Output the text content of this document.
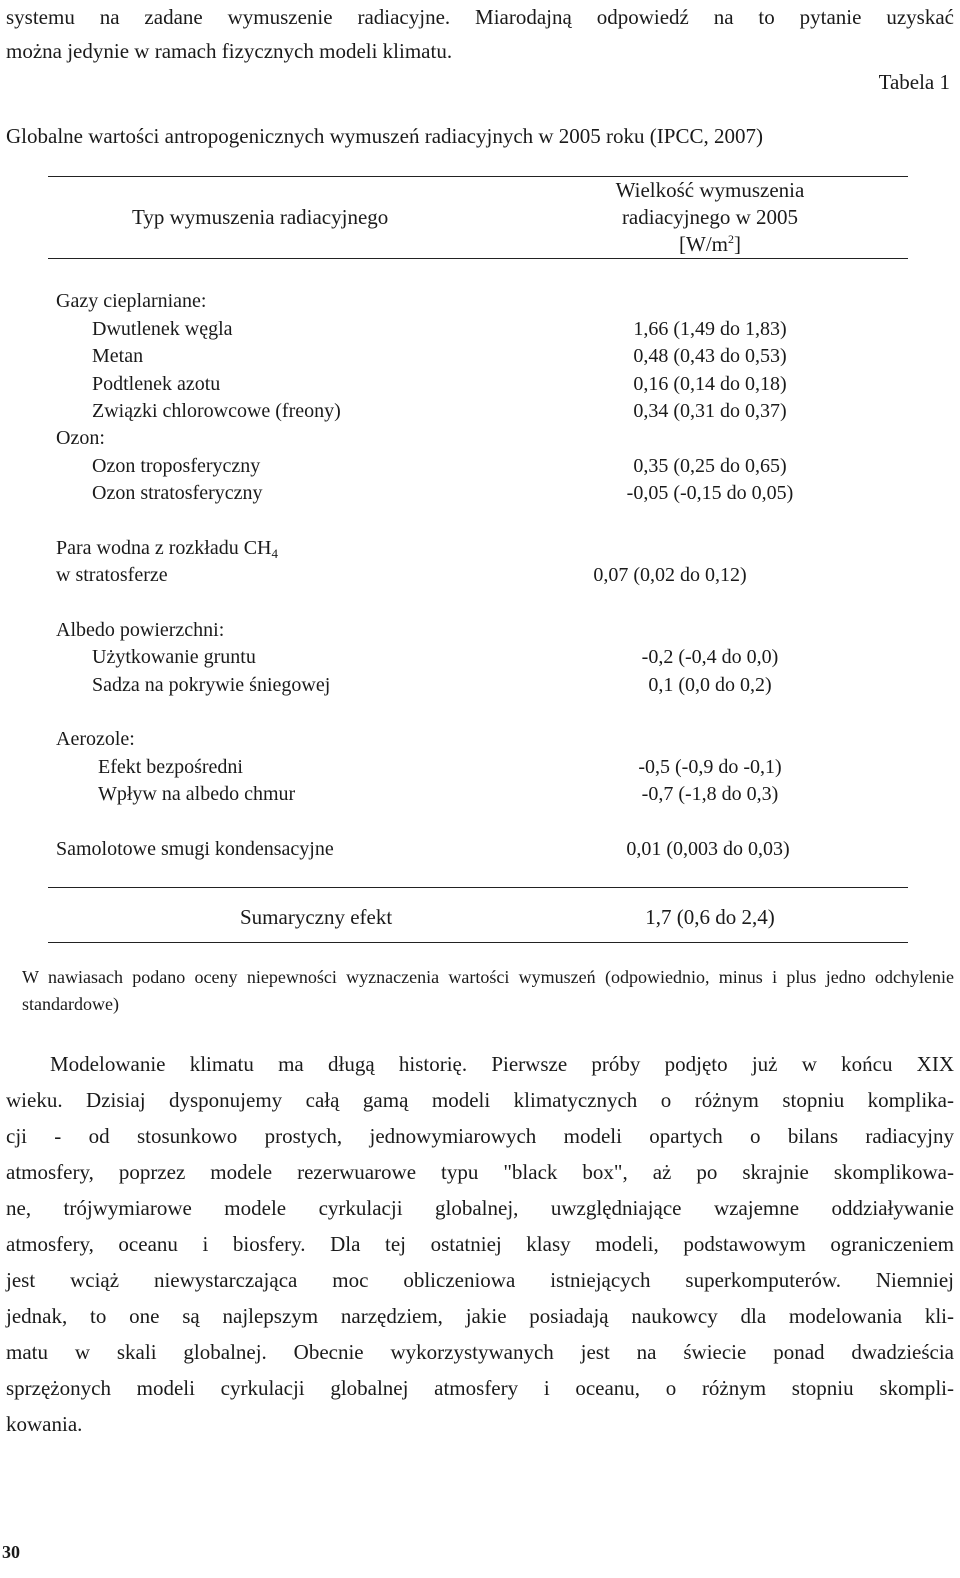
systemu na zadane wymuszenie radiacyjne. Miarodajną odpowiedź na to pytanie uzyskać
można jedynie w ramach fizycznych modeli klimatu.

Tabela 1
Globalne wartości antropogenicznych wymuszeń radiacyjnych w 2005 roku (IPCC, 2007)
Typ wymuszenia radiacyjnego
Wielkość wymuszenia
radiacyjnego w 2005
$[W/m^2]$
Gazy cieplarniane:
Dwutlenek węgla	1,66 (1,49 do 1,83)
Metan	0,48 (0,43 do 0,53)
Podtlenek azotu	0,16 (0,14 do 0,18)
Związki chlorowcowe (freony)	0,34 (0,31 do 0,37)
Ozon:
Ozon troposferyczny	0,35 (0,25 do 0,65)
Ozon stratosferyczny	-0,05 (-0,15 do 0,05)
Para wodna z rozkładu $CH_4$
w stratosferze	0,07 (0,02 do 0,12)
Albedo powierzchni:
Użytkowanie gruntu	-0,2 (-0,4 do 0,0)
Sadza na pokrywie śniegowej	0,1 (0,0 do 0,2)
Aerozole:
Efekt bezpośredni	-0,5 (-0,9 do -0,1)
Wpływ na albedo chmur	-0,7 (-1,8 do 0,3)
Samolotowe smugi kondensacyjne	0,01 (0,003 do 0,03)
Sumaryczny efekt	1,7 (0,6 do 2,4)
W nawiasach podano oceny niepewności wyznaczenia wartości wymuszeń (odpowiednio, minus i plus jedno odchylenie standardowe)

Modelowanie klimatu ma długą historię. Pierwsze próby podjęto już w końcu XIX
wieku. Dzisiaj dysponujemy całą gamą modeli klimatycznych o różnym stopniu komplika-
cji - od stosunkowo prostych, jednowymiarowych modeli opartych o bilans radiacyjny
atmosfery, poprzez modele rezerwuarowe typu "black box", aż po skrajnie skomplikowa-
ne, trójwymiarowe modele cyrkulacji globalnej, uwzględniające wzajemne oddziaływanie
atmosfery, oceanu i biosfery. Dla tej ostatniej klasy modeli, podstawowym ograniczeniem
jest wciąż niewystarczająca moc obliczeniowa istniejących superkomputerów. Niemniej
jednak, to one są najlepszym narzędziem, jakie posiadają naukowcy dla modelowania kli-
matu w skali globalnej. Obecnie wykorzystywanych jest na świecie ponad dwadzieścia
sprzężonych modeli cyrkulacji globalnej atmosfery i oceanu, o różnym stopniu skompli-
kowania.

30
